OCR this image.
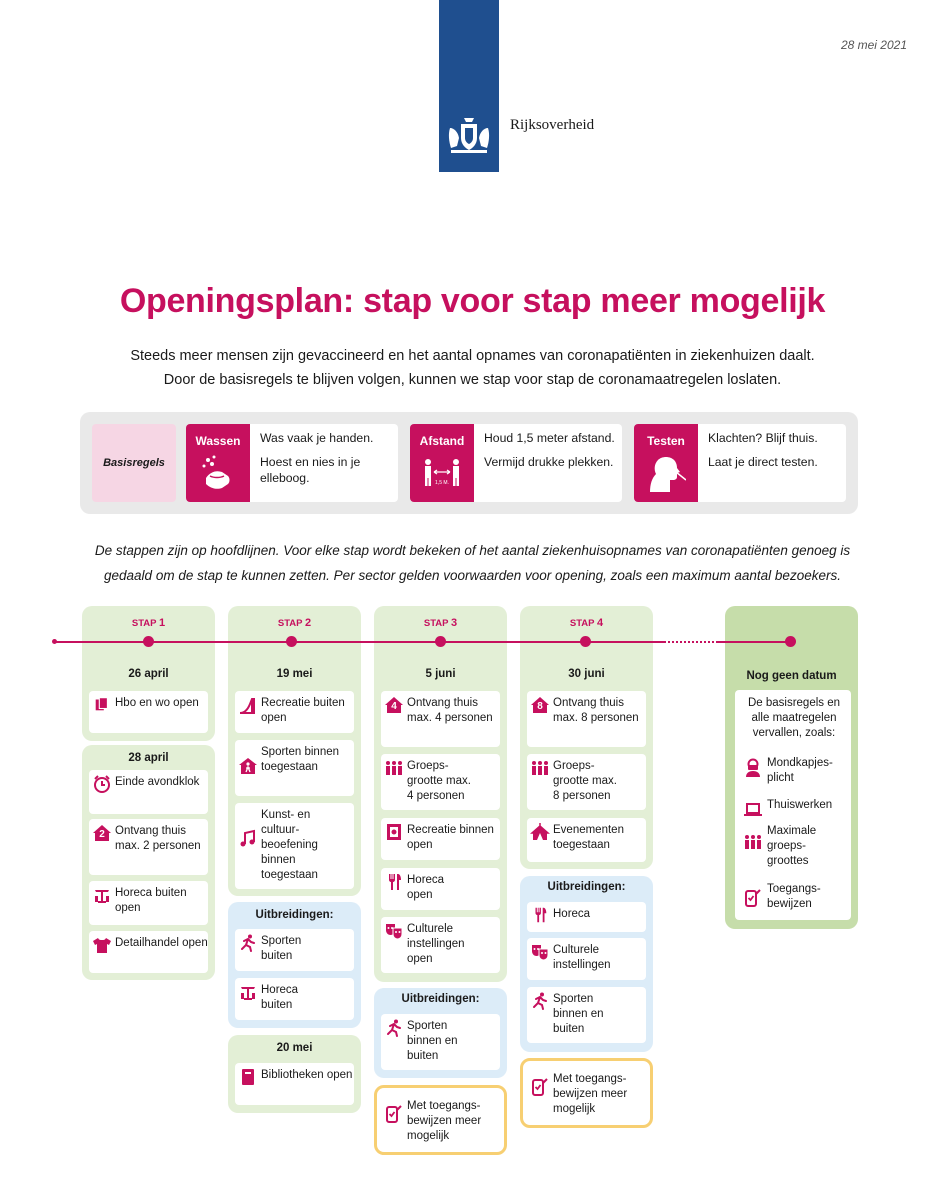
Rijksoverheid
28 mei 2021
Openingsplan: stap voor stap meer mogelijk
Steeds meer mensen zijn gevaccineerd en het aantal opnames van coronapatiënten in ziekenhuizen daalt.
Door de basisregels te blijven volgen, kunnen we stap voor stap de coronamaatregelen loslaten.
Basisregels
Wassen	Was vaak je handen.

Hoest en nies in je elleboog.

Afstand
1,5 M.

Houd 1,5 meter afstand.

Vermijd drukke plekken.

Testen	Klachten? Blijf thuis.

Laat je direct testen.

De stappen zijn op hoofdlijnen. Voor elke stap wordt bekeken of het aantal ziekenhuisopnames van coronapatiënten genoeg is
gedaald om de stap te kunnen zetten. Per sector gelden voorwaarden voor opening, zoals een maximum aantal bezoekers.
STAP 1
26 april
Hbo en wo open
28 april
Einde avondklok
2 Ontvang thuis max. 2 personen
Horeca buiten open
Detailhandel open
STAP 2
19 mei
Recreatie buiten open
Sporten binnen toegestaan
Kunst- en cultuur-beoefening binnen toegestaan
Uitbreidingen:
Sporten buiten
Horeca buiten
20 mei
Bibliotheken open
STAP 3
5 juni
4 Ontvang thuis max. 4 personen
Groeps-grootte max. 4 personen
Recreatie binnen open
Horeca open
Culturele instellingen open
Uitbreidingen:
Sporten binnen en buiten
Met toegangs-bewijzen meer mogelijk
STAP 4
30 juni
8 Ontvang thuis max. 8 personen
Groeps-grootte max. 8 personen
Evenementen toegestaan
Uitbreidingen:
Horeca
Culturele instellingen
Sporten binnen en buiten
Met toegangs-bewijzen meer mogelijk
Nog geen datum
De basisregels en alle maatregelen vervallen, zoals:
Mondkapjes-plicht
Thuiswerken
Maximale groeps-groottes
Toegangs-bewijzen
